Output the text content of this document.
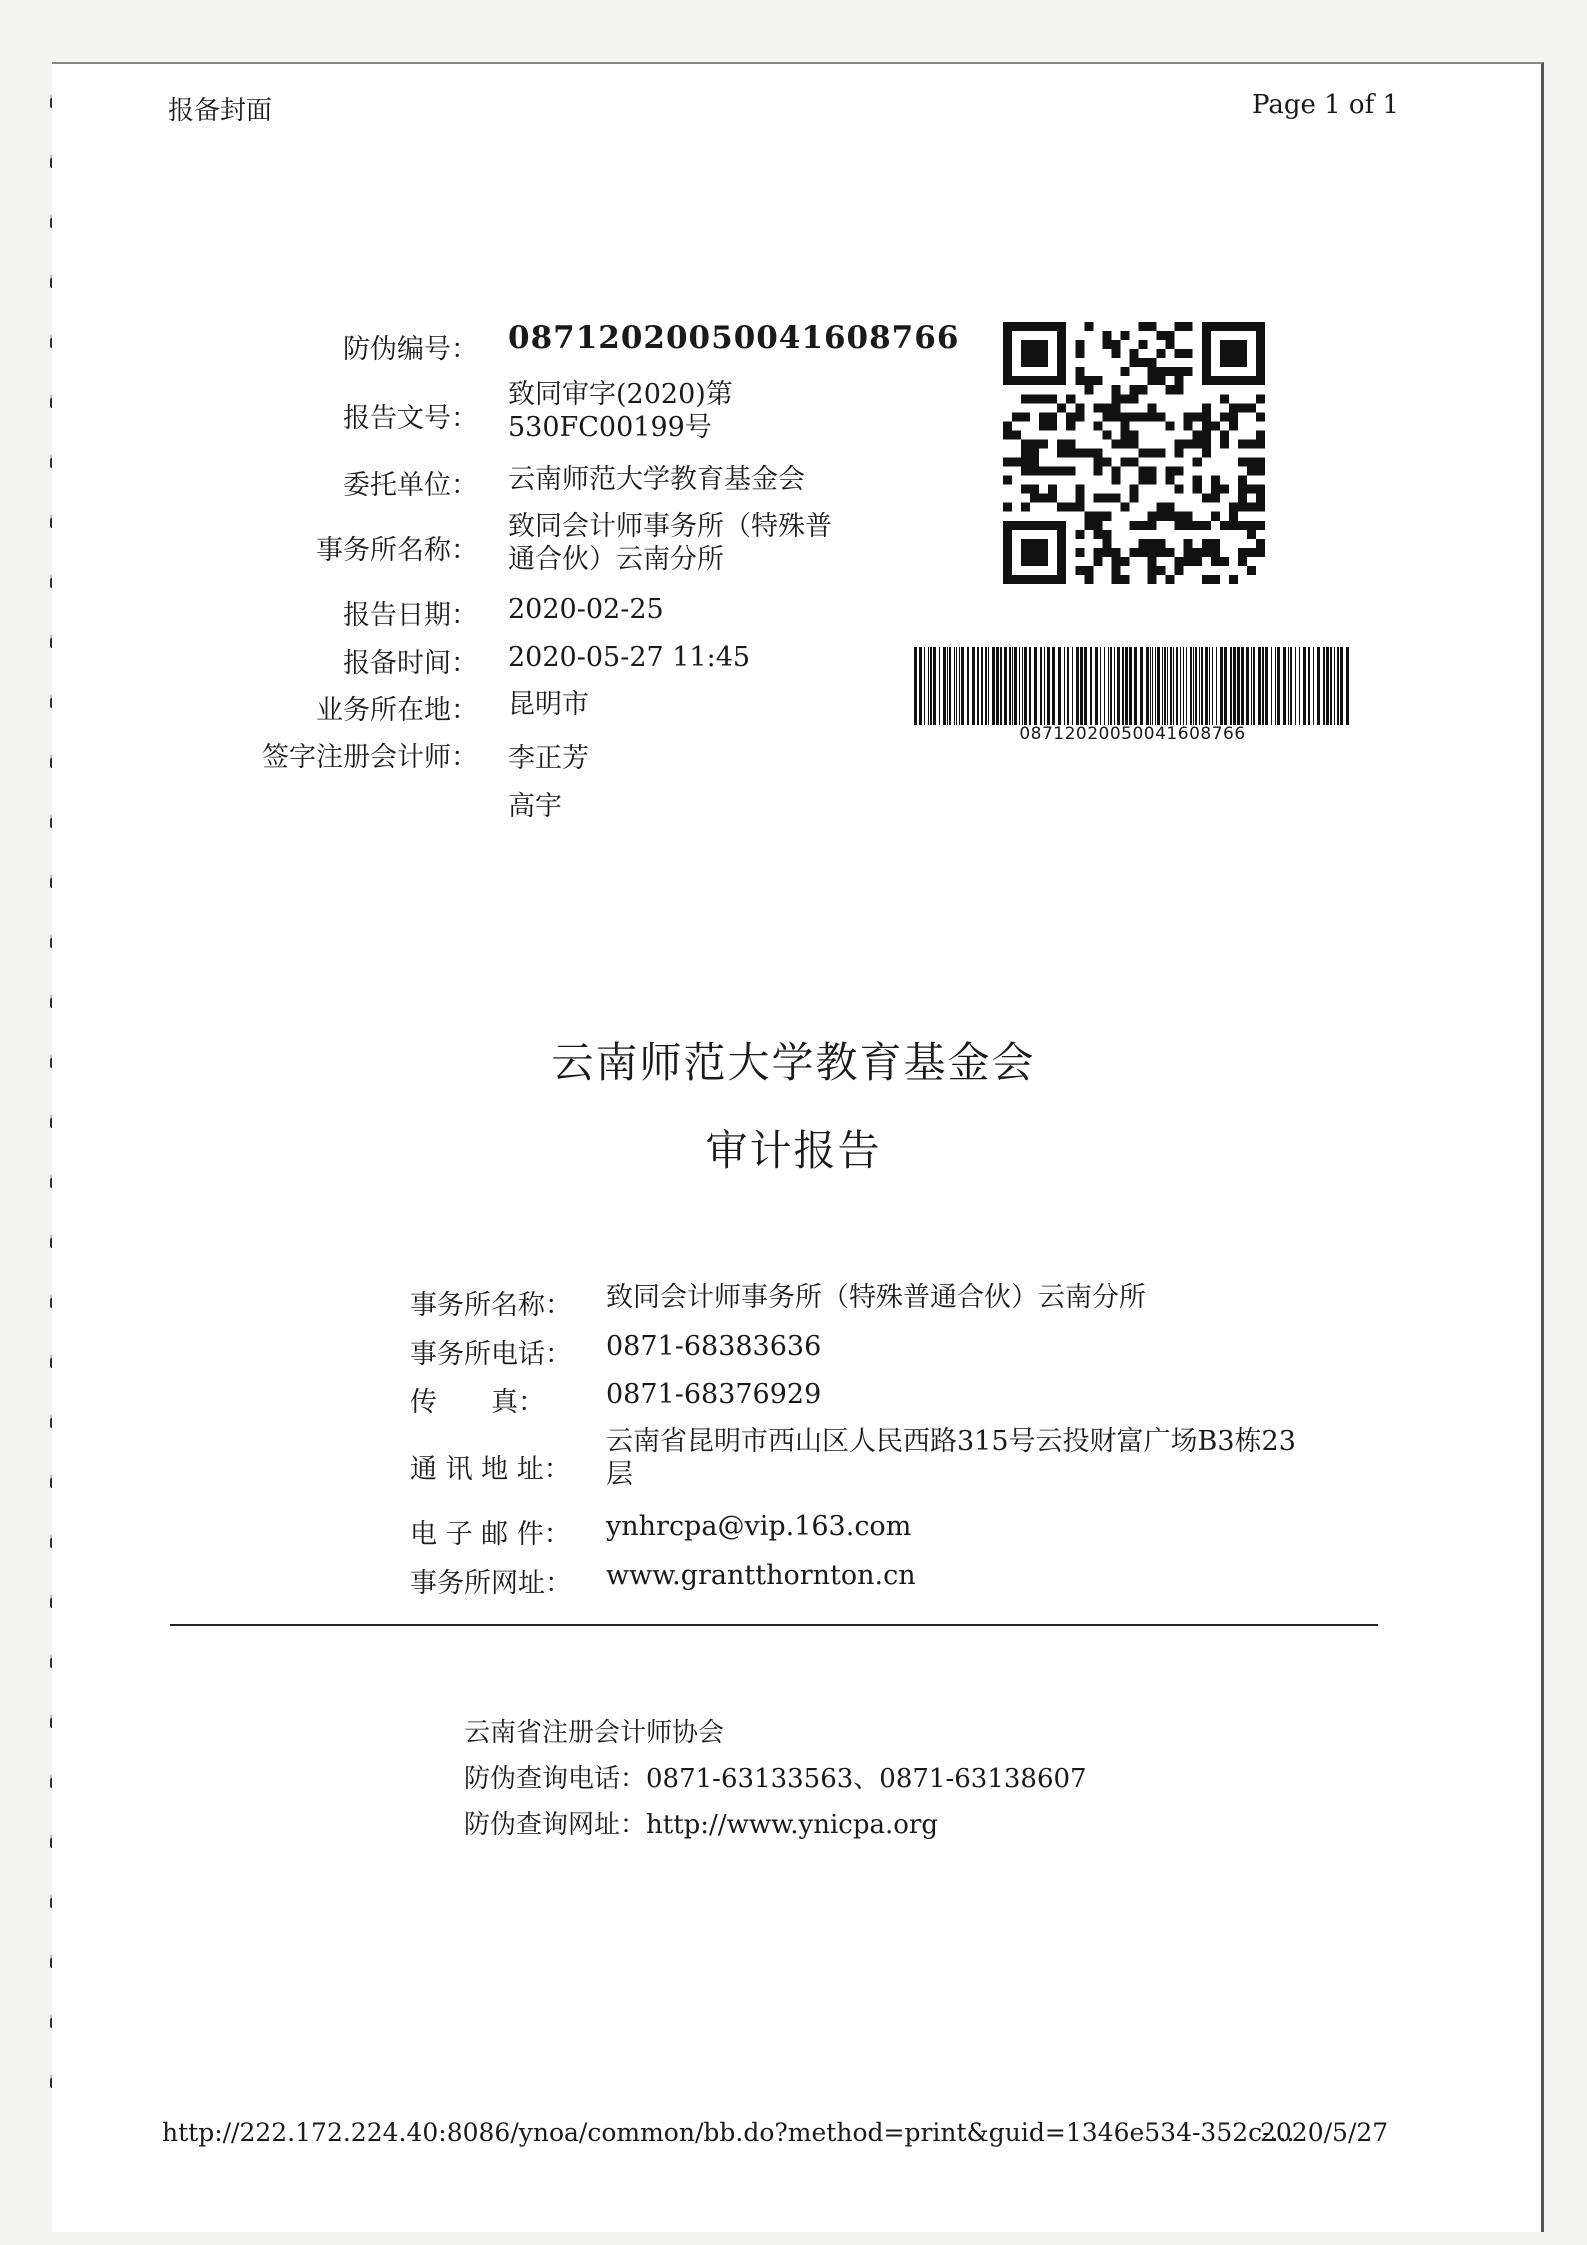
报备封面	Page 1 of 1
防伪编号： 08712020050041608766
报告文号：
致同审字(2020)第
530FC00199号
委托单位： 云南师范大学教育基金会
事务所名称：
致同会计师事务所（特殊普
通合伙）云南分所
报告日期： 2020-02-25
报备时间： 2020-05-27 11:45
业务所在地： 昆明市
签字注册会计师： 李正芳
高宇
08712020050041608766
云南师范大学教育基金会
审计报告
事务所名称： 致同会计师事务所（特殊普通合伙）云南分所
事务所电话： 0871-68383636
传　　真： 0871-68376929
通 讯 地 址：
云南省昆明市西山区人民西路315号云投财富广场B3栋23
层
电 子 邮 件： ynhrcpa@vip.163.com
事务所网址： www.grantthornton.cn
云南省注册会计师协会
防伪查询电话：0871-63133563、0871-63138607
防伪查询网址：http://www.ynicpa.org
http://222.172.224.40:8086/ynoa/common/bb.do?method=print&guid=1346e534-352c-...
2020/5/27
